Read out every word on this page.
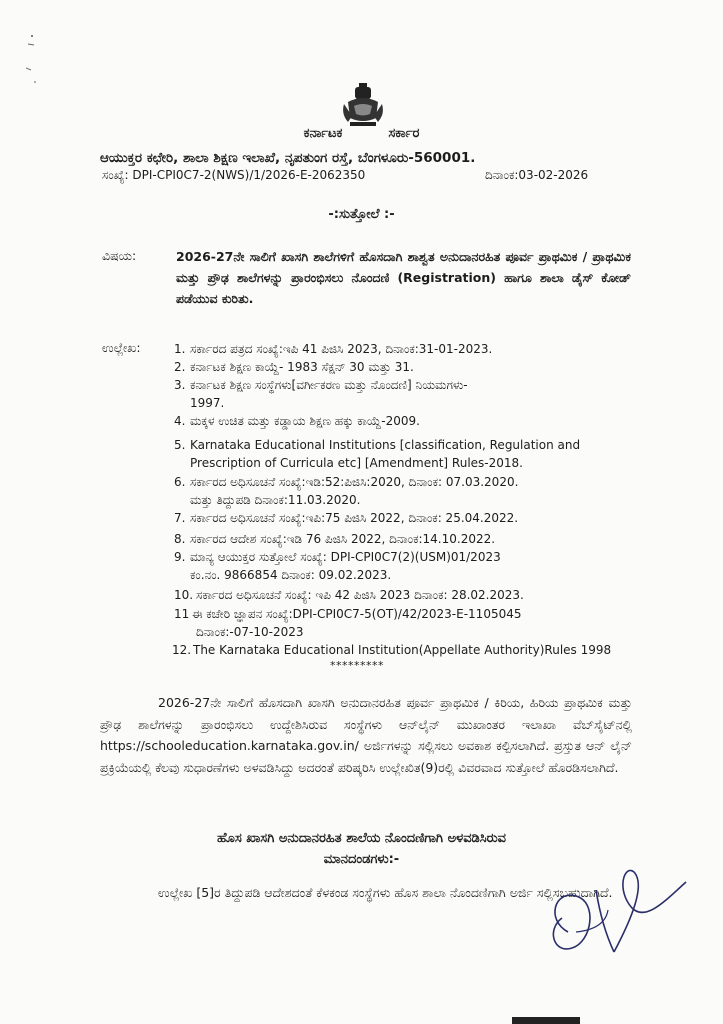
ಕರ್ನಾಟಕ	ಸರ್ಕಾರ
ಆಯುಕ್ತರ ಕಛೇರಿ, ಶಾಲಾ ಶಿಕ್ಷಣ ಇಲಾಖೆ, ನೃಪತುಂಗ ರಸ್ತೆ, ಬೆಂಗಳೂರು-560001.
ಸಂಖ್ಯೆ: DPI-CPI0C7-2(NWS)/1/2026-E-2062350	ದಿನಾಂಕ:03-02-2026
-:ಸುತ್ತೋಲೆ :-
ವಿಷಯ:	2026-27ನೇ ಸಾಲಿಗೆ ಖಾಸಗಿ ಶಾಲೆಗಳಿಗೆ ಹೊಸದಾಗಿ ಶಾಶ್ವತ ಅನುದಾನರಹಿತ ಪೂರ್ವ ಪ್ರಾಥಮಿಕ / ಪ್ರಾಥಮಿಕ ಮತ್ತು ಪ್ರೌಢ ಶಾಲೆಗಳನ್ನು ಪ್ರಾರಂಭಿಸಲು ನೊಂದಣಿ (Registration) ಹಾಗೂ ಶಾಲಾ ಡೈಸ್ ಕೋಡ್ ಪಡೆಯುವ ಕುರಿತು.
ಉಲ್ಲೇಖ:	1. ಸರ್ಕಾರದ ಪತ್ರದ ಸಂಖ್ಯೆ:ಇಪಿ 41 ಪಿಜಿಸಿ 2023, ದಿನಾಂಕ:31-01-2023.
2. ಕರ್ನಾಟಕ ಶಿಕ್ಷಣ ಕಾಯ್ದೆ- 1983 ಸೆಕ್ಷನ್ 30 ಮತ್ತು 31.
3. ಕರ್ನಾಟಕ ಶಿಕ್ಷಣ ಸಂಸ್ಥೆಗಳು[ವರ್ಗೀಕರಣ ಮತ್ತು ನೊಂದಣಿ] ನಿಯಮಗಳು-
1997.
4. ಮಕ್ಕಳ ಉಚಿತ ಮತ್ತು ಕಡ್ಡಾಯ ಶಿಕ್ಷಣ ಹಕ್ಕು ಕಾಯ್ದೆ-2009.
5. Karnataka Educational Institutions [classification, Regulation and
Prescription of Curricula etc] [Amendment] Rules-2018.
6. ಸರ್ಕಾರದ ಅಧಿಸೂಚನೆ ಸಂಖ್ಯೆ:ಇಡಿ:52:ಪಿಜಿಸಿ:2020, ದಿನಾಂಕ: 07.03.2020.
ಮತ್ತು ತಿದ್ದುಪಡಿ ದಿನಾಂಕ:11.03.2020.
7. ಸರ್ಕಾರದ ಅಧಿಸೂಚನೆ ಸಂಖ್ಯೆ:ಇಪಿ:75 ಪಿಜಿಸಿ 2022, ದಿನಾಂಕ: 25.04.2022.
8. ಸರ್ಕಾರದ ಆದೇಶ ಸಂಖ್ಯೆ:ಇಡಿ 76 ಪಿಜಿಸಿ 2022, ದಿನಾಂಕ:14.10.2022.
9. ಮಾನ್ಯ ಆಯುಕ್ತರ ಸುತ್ತೋಲೆ ಸಂಖ್ಯೆ: DPI-CPI0C7(2)(USM)01/2023
ಕಂ.ನಂ. 9866854 ದಿನಾಂಕ: 09.02.2023.
10. ಸರ್ಕಾರದ ಅಧಿಸೂಚನೆ ಸಂಖ್ಯೆ: ಇಪಿ 42 ಪಿಜಿಸಿ 2023 ದಿನಾಂಕ: 28.02.2023.
11 ಈ ಕಚೇರಿ ಜ್ಞಾಪನ ಸಂಖ್ಯೆ:DPI-CPI0C7-5(OT)/42/2023-E-1105045
ದಿನಾಂಕ:-07-10-2023
12. The Karnataka Educational Institution(Appellate Authority)Rules 1998
*********
2026-27ನೇ ಸಾಲಿಗೆ ಹೊಸದಾಗಿ ಖಾಸಗಿ ಅನುದಾನರಹಿತ ಪೂರ್ವ ಪ್ರಾಥಮಿಕ / ಕಿರಿಯ, ಹಿರಿಯ ಪ್ರಾಥಮಿಕ ಮತ್ತು ಪ್ರೌಢ ಶಾಲೆಗಳನ್ನು ಪ್ರಾರಂಭಿಸಲು ಉದ್ದೇಶಿಸಿರುವ ಸಂಸ್ಥೆಗಳು ಆನ್‌ಲೈನ್ ಮುಖಾಂತರ ಇಲಾಖಾ ವೆಬ್‌ಸೈಟ್‌ನಲ್ಲಿ https://schooleducation.karnataka.gov.in/ ಅರ್ಜಿಗಳನ್ನು ಸಲ್ಲಿಸಲು ಅವಕಾಶ ಕಲ್ಪಿಸಲಾಗಿದೆ. ಪ್ರಸ್ತುತ ಆನ್ ಲೈನ್ ಪ್ರಕ್ರಿಯೆಯಲ್ಲಿ ಕೆಲವು ಸುಧಾರಣೆಗಳು ಅಳವಡಿಸಿದ್ದು ಅದರಂತೆ ಪರಿಷ್ಕರಿಸಿ ಉಲ್ಲೇಖಿತ(9)ರಲ್ಲಿ ವಿವರವಾದ ಸುತ್ತೋಲೆ ಹೊರಡಿಸಲಾಗಿದೆ.
ಹೊಸ ಖಾಸಗಿ ಅನುದಾನರಹಿತ ಶಾಲೆಯ ನೊಂದಣಿಗಾಗಿ ಅಳವಡಿಸಿರುವ
ಮಾನದಂಡಗಳು:-
ಉಲ್ಲೇಖ [5]ರ ತಿದ್ದುಪಡಿ ಆದೇಶದಂತೆ ಕೆಳಕಂಡ ಸಂಸ್ಥೆಗಳು ಹೊಸ ಶಾಲಾ ನೊಂದಣಿಗಾಗಿ ಅರ್ಜಿ ಸಲ್ಲಿಸಬಹುದಾಗಿದೆ.
